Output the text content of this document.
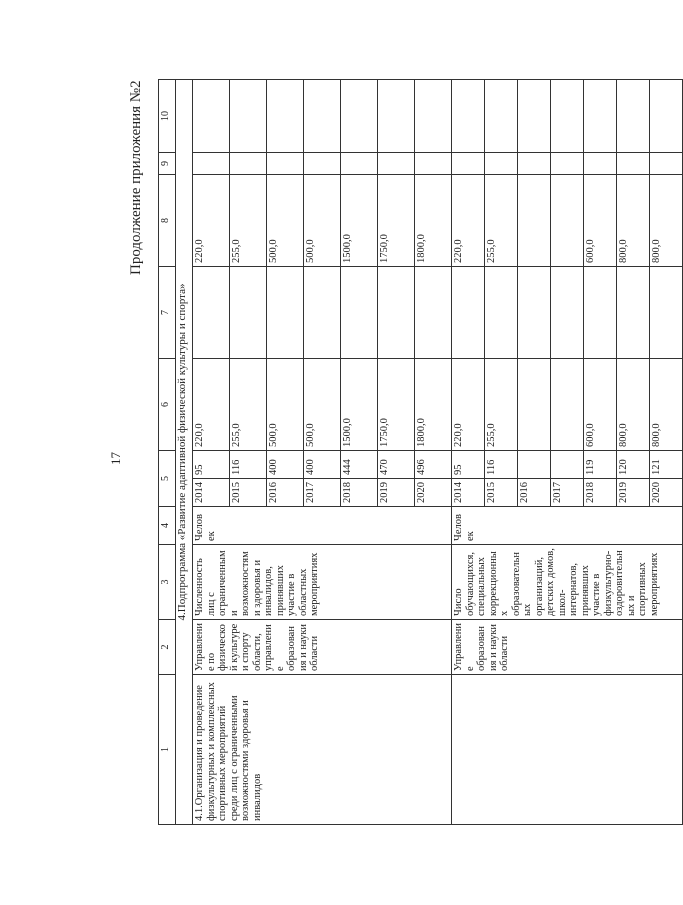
17
Продолжение приложения №2
1	2	3	4	5		6	7	8	9	10
4.Подпрограмма «Развитие адаптивной физической культуры и спорта»										
4.1.Организация и проведение физкультурных и комплексных спортивных мероприятий среди лиц с ограниченными возможностями здоровья и инвалидов	Управление по физической культуре и спорту области, управление образования и науки области	Численность лиц с ограниченными возможностями здоровья и инвалидов, принявших участие в областных мероприятиях	Человек	2014	95	220,0		220,0		
				2015	116	255,0		255,0		
				2016	400	500,0		500,0		
				2017	400	500,0		500,0		
				2018	444	1500,0		1500,0		
				2019	470	1750,0		1750,0		
				2020	496	1800,0		1800,0		
	Управление образования и науки области	Число обучающихся, специальных коррекционных образовательных организаций, детских домов, школ-интернатов, принявших участие в физкультурно-оздоровительных и спортивных мероприятиях	Человек	2014	95	220,0		220,0		
				2015	116	255,0		255,0		
				2016						
				2017						
				2018	119	600,0		600,0		
				2019	120	800,0		800,0		
				2020	121	800,0		800,0		
